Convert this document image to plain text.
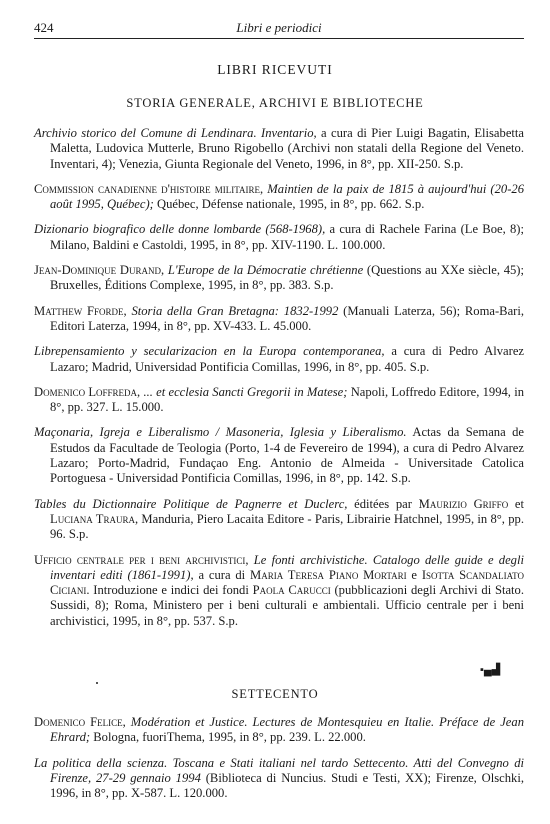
424	Libri e periodici
LIBRI RICEVUTI
STORIA GENERALE, ARCHIVI E BIBLIOTECHE

Archivio storico del Comune di Lendinara. Inventario, a cura di Pier Luigi Bagatin, Elisabetta Maletta, Ludovica Mutterle, Bruno Rigobello (Archivi non statali della Regione del Veneto. Inventari, 4); Venezia, Giunta Regionale del Veneto, 1996, in 8°, pp. XII-250. S.p.

Commission canadienne d'histoire militaire, Maintien de la paix de 1815 à aujourd'hui (20-26 août 1995, Québec); Québec, Défense nationale, 1995, in 8°, pp. 662. S.p.

Dizionario biografico delle donne lombarde (568-1968), a cura di Rachele Farina (Le Boe, 8); Milano, Baldini e Castoldi, 1995, in 8°, pp. XIV-1190. L. 100.000.

Jean-Dominique Durand, L'Europe de la Démocratie chrétienne (Questions au XXe siècle, 45); Bruxelles, Éditions Complexe, 1995, in 8°, pp. 383. S.p.

Matthew Fforde, Storia della Gran Bretagna: 1832-1992 (Manuali Laterza, 56); Roma-Bari, Editori Laterza, 1994, in 8°, pp. XV-433. L. 45.000.

Librepensamiento y secularizacion en la Europa contemporanea, a cura di Pedro Alvarez Lazaro; Madrid, Universidad Pontificia Comillas, 1996, in 8°, pp. 405. S.p.

Domenico Loffreda, ... et ecclesia Sancti Gregorii in Matese; Napoli, Loffredo Editore, 1994, in 8°, pp. 327. L. 15.000.

Maçonaria, Igreja e Liberalismo / Masoneria, Iglesia y Liberalismo. Actas da Semana de Estudos da Facultade de Teologia (Porto, 1-4 de Fevereiro de 1994), a cura di Pedro Alvarez Lazaro; Porto-Madrid, Fundaçao Eng. Antonio de Almeida - Universitade Catolica Portoguesa - Universidad Pontificia Comillas, 1996, in 8°, pp. 142. S.p.

Tables du Dictionnaire Politique de Pagnerre et Duclerc, éditées par Maurizio Griffo et Luciana Traura, Manduria, Piero Lacaita Editore - Paris, Librairie Hatchnel, 1995, in 8°, pp. 96. S.p.

Ufficio centrale per i beni archivistici, Le fonti archivistiche. Catalogo delle guide e degli inventari editi (1861-1991), a cura di Maria Teresa Piano Mortari e Isotta Scandaliato Ciciani. Introduzione e indici dei fondi Paola Carucci (pubblicazioni degli Archivi di Stato. Sussidi, 8); Roma, Ministero per i beni culturali e ambientali. Ufficio centrale per i beni archivistici, 1995, in 8°, pp. 537. S.p.

▪▄▟
SETTECENTO

Domenico Felice, Modération et Justice. Lectures de Montesquieu en Italie. Préface de Jean Ehrard; Bologna, fuoriThema, 1995, in 8°, pp. 239. L. 22.000.

La politica della scienza. Toscana e Stati italiani nel tardo Settecento. Atti del Convegno di Firenze, 27-29 gennaio 1994 (Biblioteca di Nuncius. Studi e Testi, XX); Firenze, Olschki, 1996, in 8°, pp. X-587. L. 120.000.
